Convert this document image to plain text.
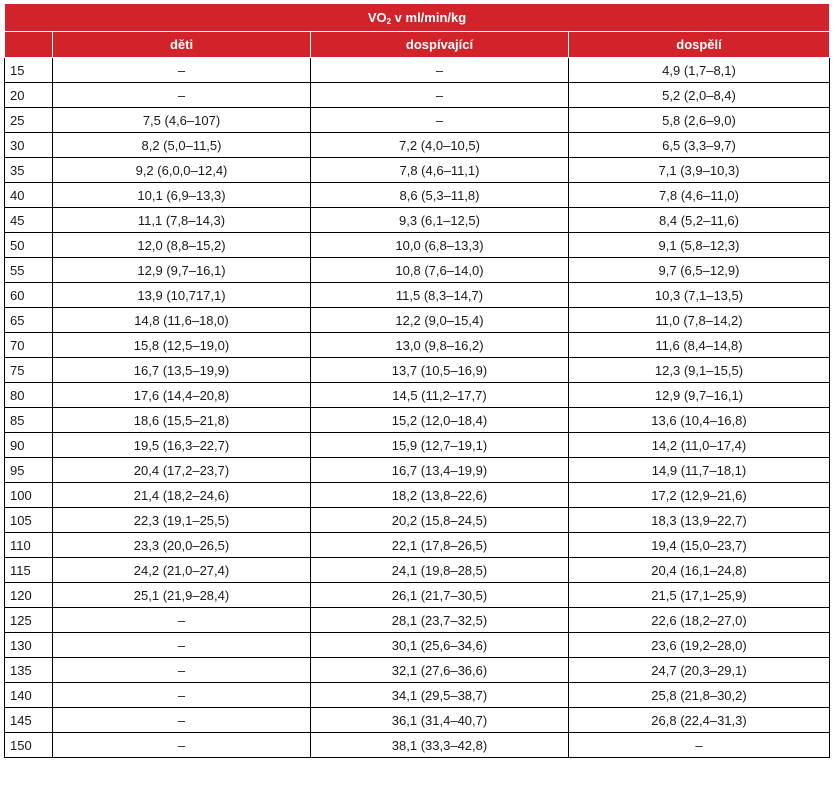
$VO_2$ v ml/min/kg			
	děti	dospívající	dospělí
15	–	–	4,9 (1,7–8,1)
20	–	–	5,2 (2,0–8,4)
25	7,5 (4,6–107)	–	5,8 (2,6–9,0)
30	8,2 (5,0–11,5)	7,2 (4,0–10,5)	6,5 (3,3–9,7)
35	9,2 (6,0,0–12,4)	7,8 (4,6–11,1)	7,1 (3,9–10,3)
40	10,1 (6,9–13,3)	8,6 (5,3–11,8)	7,8 (4,6–11,0)
45	11,1 (7,8–14,3)	9,3 (6,1–12,5)	8,4 (5,2–11,6)
50	12,0 (8,8–15,2)	10,0 (6,8–13,3)	9,1 (5,8–12,3)
55	12,9 (9,7–16,1)	10,8 (7,6–14,0)	9,7 (6,5–12,9)
60	13,9 (10,717,1)	11,5 (8,3–14,7)	10,3 (7,1–13,5)
65	14,8 (11,6–18,0)	12,2 (9,0–15,4)	11,0 (7,8–14,2)
70	15,8 (12,5–19,0)	13,0 (9,8–16,2)	11,6 (8,4–14,8)
75	16,7 (13,5–19,9)	13,7 (10,5–16,9)	12,3 (9,1–15,5)
80	17,6 (14,4–20,8)	14,5 (11,2–17,7)	12,9 (9,7–16,1)
85	18,6 (15,5–21,8)	15,2 (12,0–18,4)	13,6 (10,4–16,8)
90	19,5 (16,3–22,7)	15,9 (12,7–19,1)	14,2 (11,0–17,4)
95	20,4 (17,2–23,7)	16,7 (13,4–19,9)	14,9 (11,7–18,1)
100	21,4 (18,2–24,6)	18,2 (13,8–22,6)	17,2 (12,9–21,6)
105	22,3 (19,1–25,5)	20,2 (15,8–24,5)	18,3 (13,9–22,7)
110	23,3 (20,0–26,5)	22,1 (17,8–26,5)	19,4 (15,0–23,7)
115	24,2 (21,0–27,4)	24,1 (19,8–28,5)	20,4 (16,1–24,8)
120	25,1 (21,9–28,4)	26,1 (21,7–30,5)	21,5 (17,1–25,9)
125	–	28,1 (23,7–32,5)	22,6 (18,2–27,0)
130	–	30,1 (25,6–34,6)	23,6 (19,2–28,0)
135	–	32,1 (27,6–36,6)	24,7 (20,3–29,1)
140	–	34,1 (29,5–38,7)	25,8 (21,8–30,2)
145	–	36,1 (31,4–40,7)	26,8 (22,4–31,3)
150	–	38,1 (33,3–42,8)	–
